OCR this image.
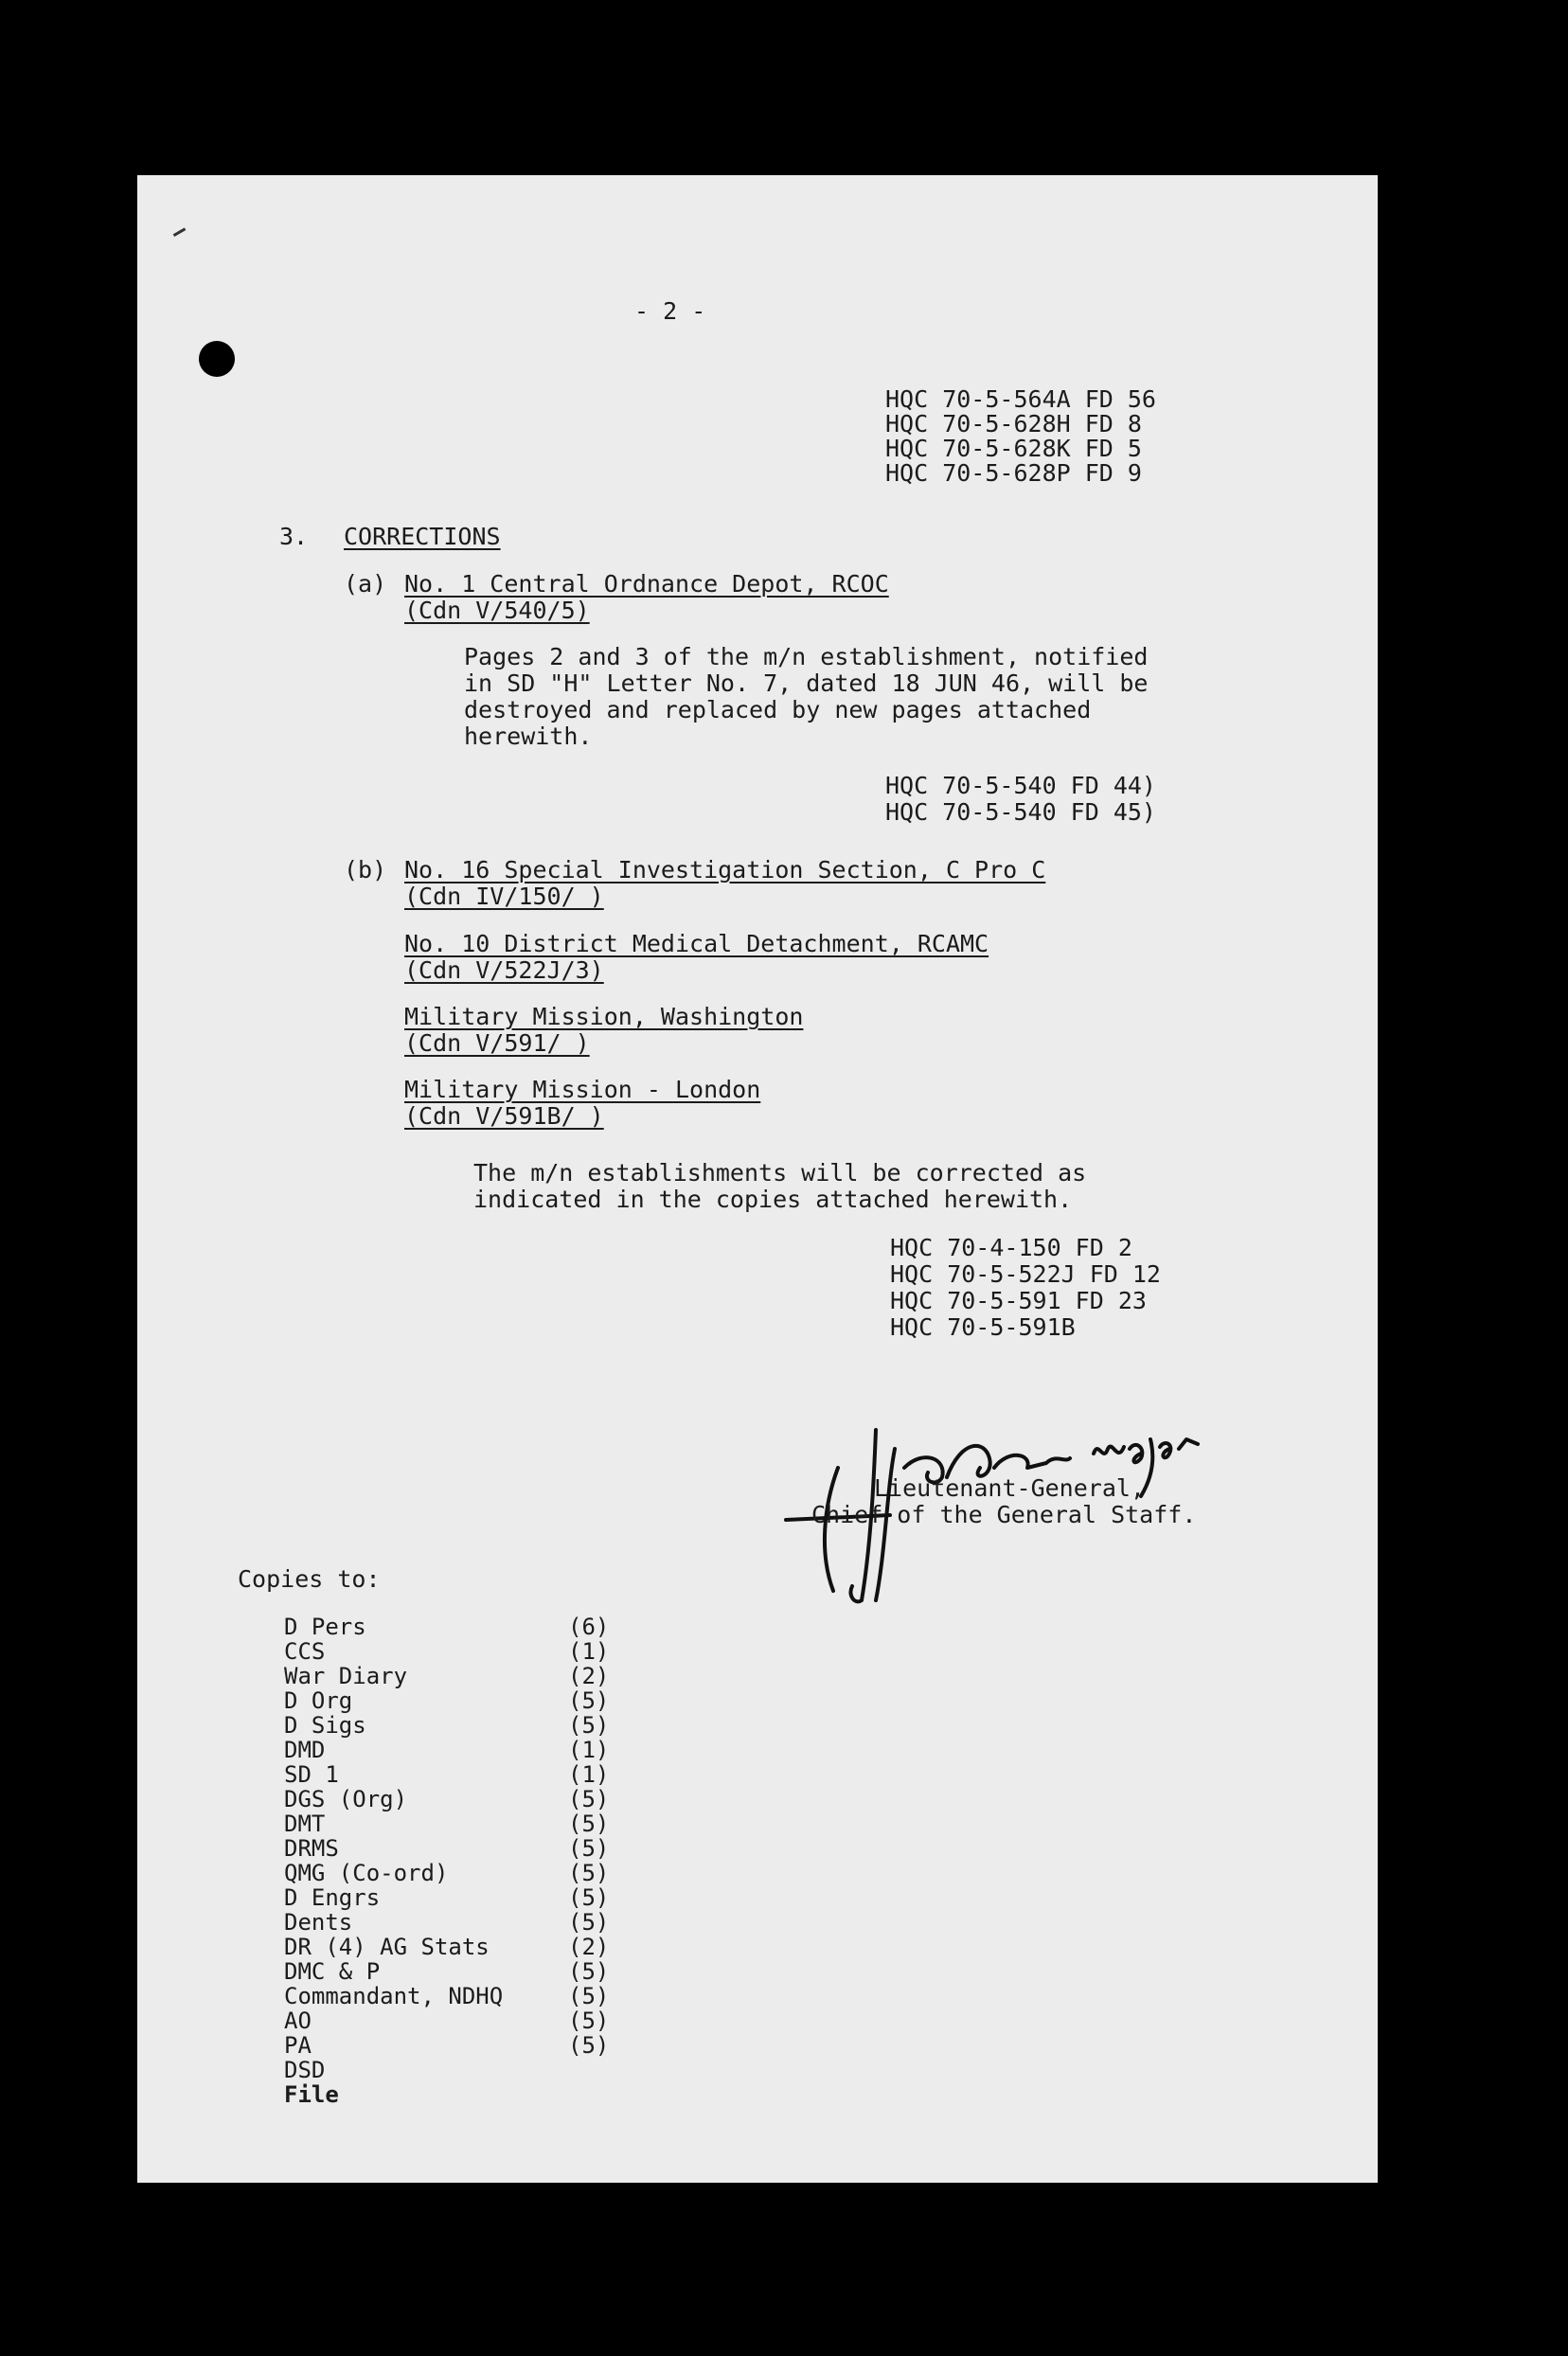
- 2 -
HQC 70-5-564A FD 56
HQC 70-5-628H FD 8
HQC 70-5-628K FD 5
HQC 70-5-628P FD 9
3. CORRECTIONS
(a) No. 1 Central Ordnance Depot, RCOC
(Cdn V/540/5)
Pages 2 and 3 of the m/n establishment, notified
in SD "H" Letter No. 7, dated 18 JUN 46, will be
destroyed and replaced by new pages attached
herewith.
HQC 70-5-540 FD 44)
HQC 70-5-540 FD 45)
(b) No. 16 Special Investigation Section, C Pro C
(Cdn IV/150/ )
No. 10 District Medical Detachment, RCAMC
(Cdn V/522J/3)
Military Mission, Washington
(Cdn V/591/ )
Military Mission - London
(Cdn V/591B/ )
The m/n establishments will be corrected as
indicated in the copies attached herewith.
HQC 70-4-150 FD 2
HQC 70-5-522J FD 12
HQC 70-5-591 FD 23
HQC 70-5-591B
Lieutenant-General,
Chief of the General Staff.
Copies to:
D Pers	(6)
CCS	(1)
War Diary	(2)
D Org	(5)
D Sigs	(5)
DMD	(1)
SD 1	(1)
DGS (Org)	(5)
DMT	(5)
DRMS	(5)
QMG (Co-ord)	(5)
D Engrs	(5)
Dents	(5)
DR (4) AG Stats	(2)
DMC & P	(5)
Commandant, NDHQ	(5)
AO	(5)
PA	(5)
DSD
File
